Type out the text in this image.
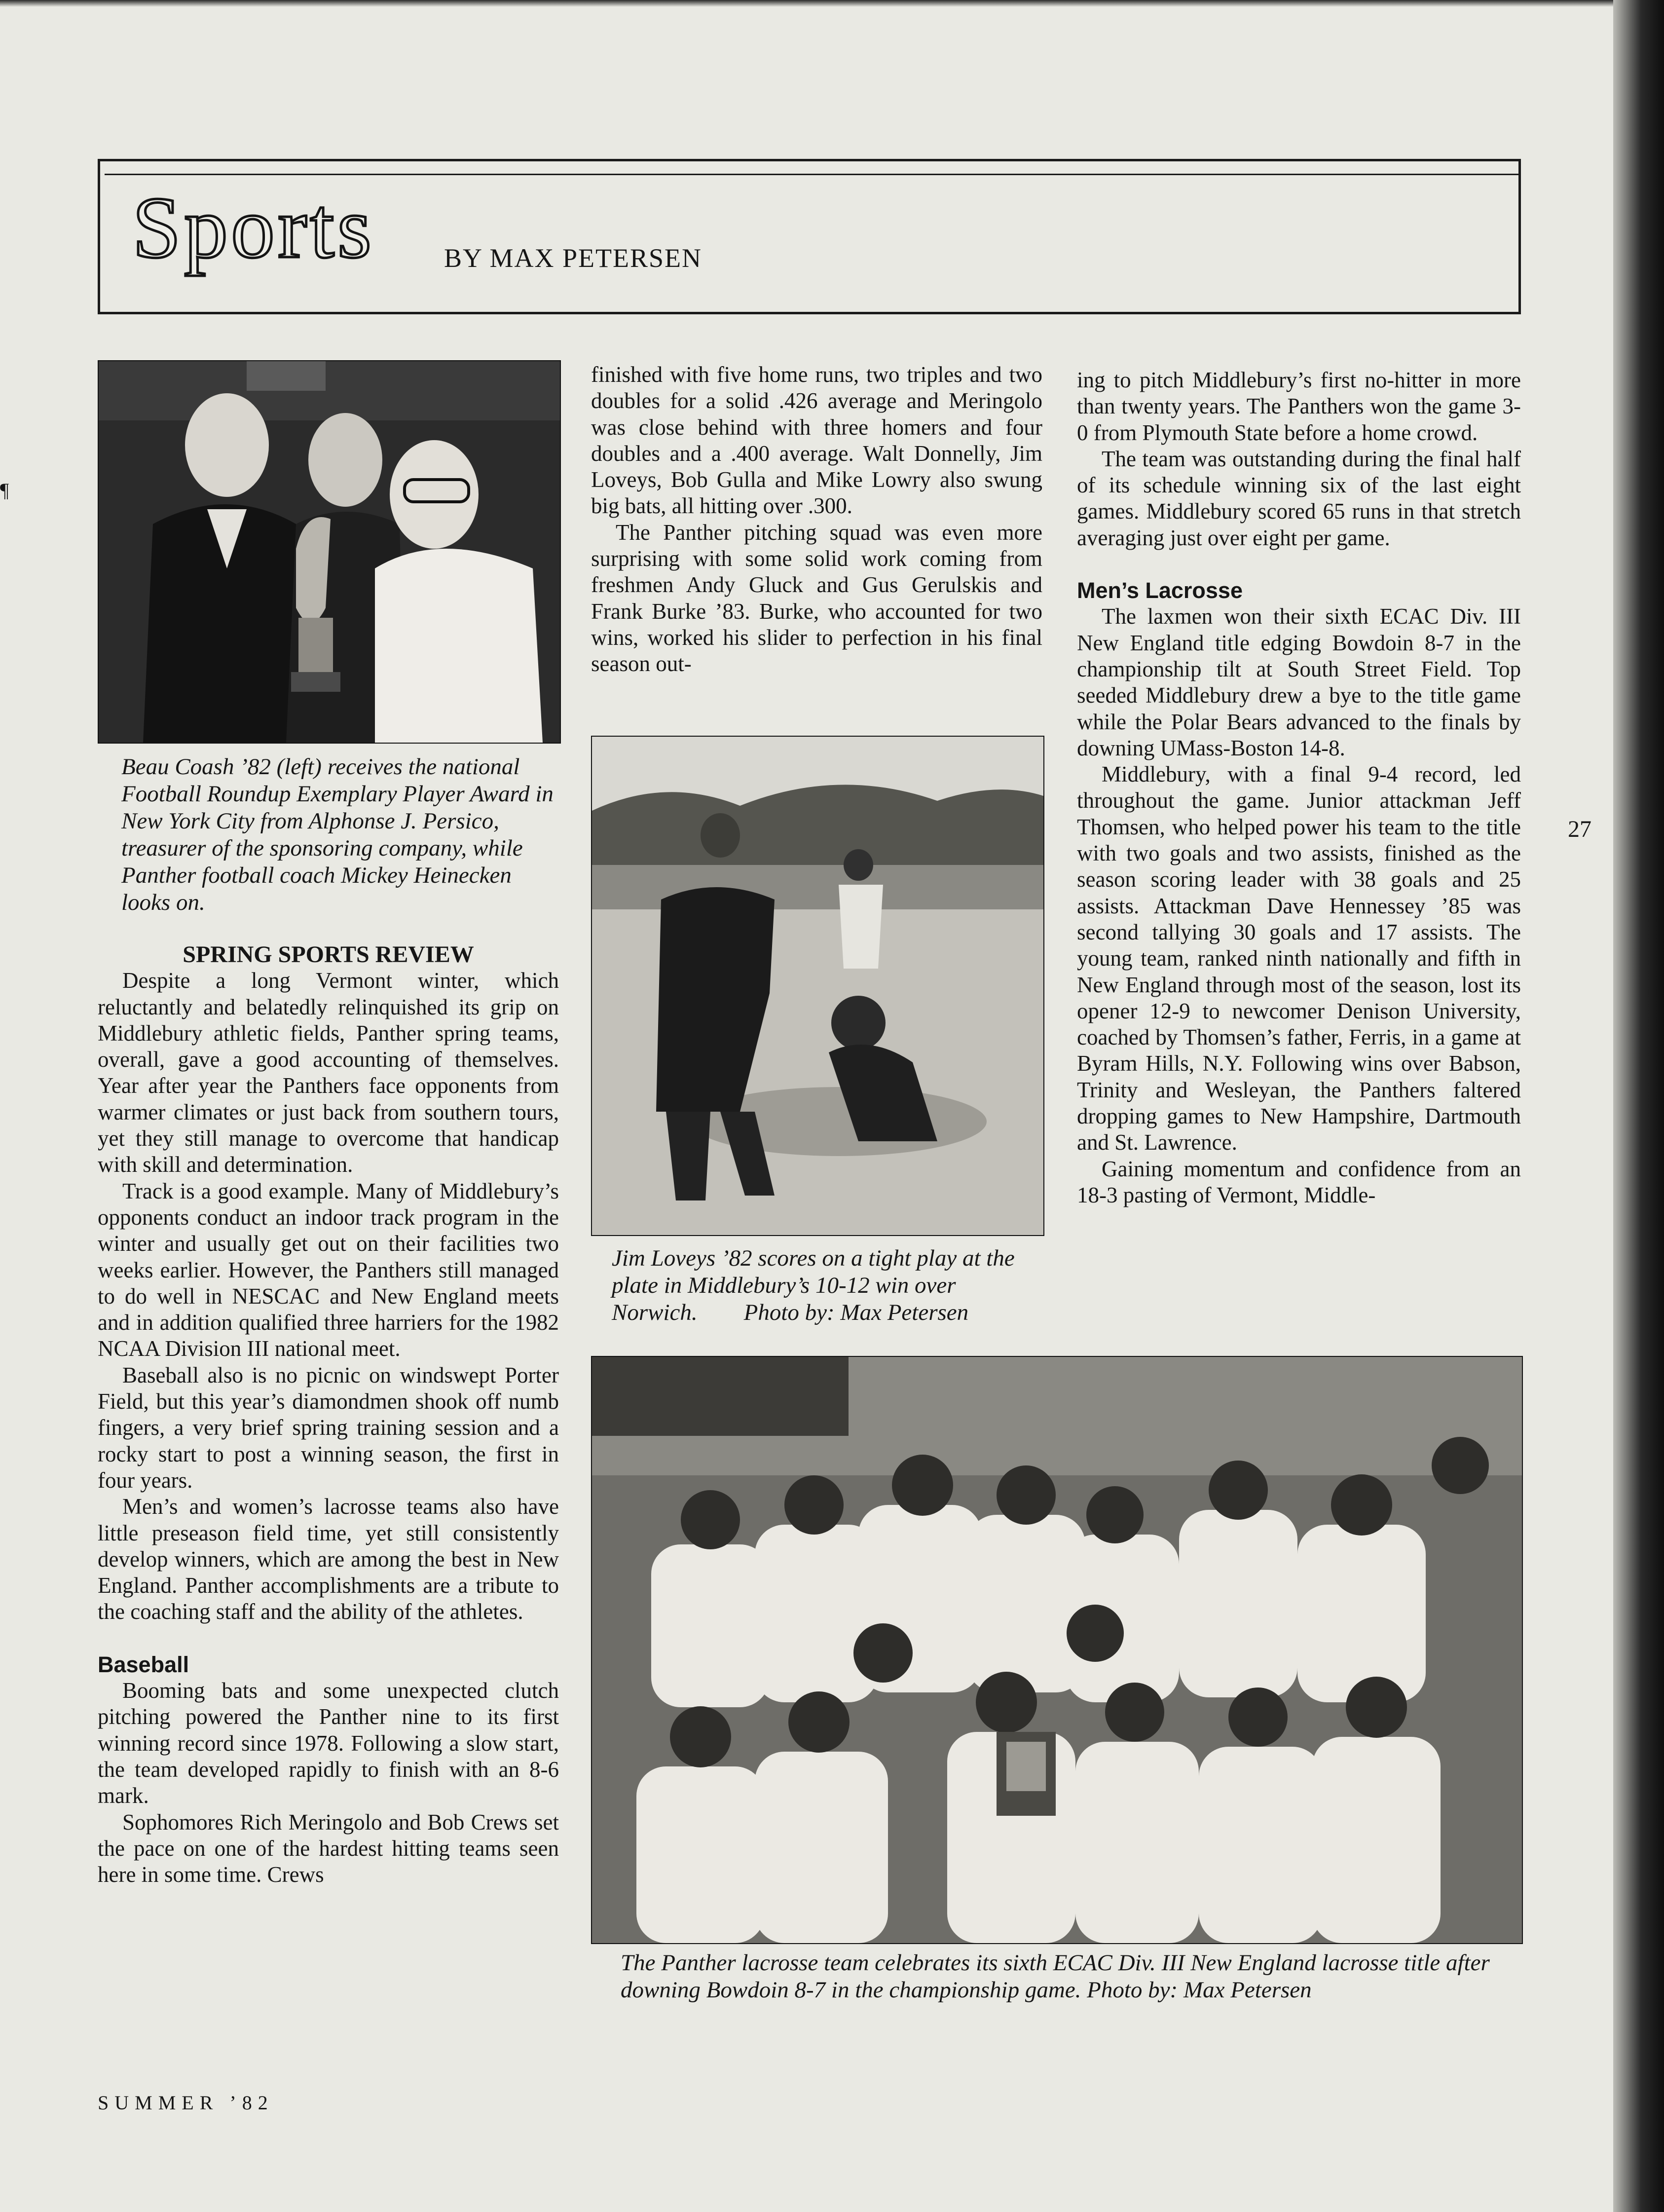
¶
Sports	BY MAX PETERSEN
Beau Coash ’82 (left) receives the national Football Roundup Exemplary Player Award in New York City from Alphonse J. Persico, treasurer of the sponsoring company, while Panther football coach Mickey Heinecken looks on.
Jim Loveys ’82 scores on a tight play at the plate in Middlebury’s 10-12 win over Norwich.        Photo by: Max Petersen
The Panther lacrosse team celebrates its sixth ECAC Div. III New England lacrosse title after downing Bowdoin 8-7 in the championship game. Photo by: Max Petersen
SPRING SPORTS REVIEW

Despite a long Vermont winter, which reluctantly and belatedly relinquished its grip on Middlebury athletic fields, Panther spring teams, overall, gave a good accounting of themselves. Year after year the Panthers face opponents from warmer climates or just back from southern tours, yet they still manage to overcome that handicap with skill and determination.

Track is a good example. Many of Middlebury’s opponents conduct an indoor track program in the winter and usually get out on their facilities two weeks earlier. However, the Panthers still managed to do well in NESCAC and New England meets and in addition qualified three harriers for the 1982 NCAA Division III national meet.

Baseball also is no picnic on windswept Porter Field, but this year’s diamondmen shook off numb fingers, a very brief spring training session and a rocky start to post a winning season, the first in four years.

Men’s and women’s lacrosse teams also have little preseason field time, yet still consistently develop winners, which are among the best in New England. Panther accomplishments are a tribute to the coaching staff and the ability of the athletes.

Baseball

Booming bats and some unexpected clutch pitching powered the Panther nine to its first winning record since 1978. Following a slow start, the team developed rapidly to finish with an 8-6 mark.

Sophomores Rich Meringolo and Bob Crews set the pace on one of the hardest hitting teams seen here in some time. Crews

finished with five home runs, two triples and two doubles for a solid .426 average and Meringolo was close behind with three homers and four doubles and a .400 average. Walt Donnelly, Jim Loveys, Bob Gulla and Mike Lowry also swung big bats, all hitting over .300.

The Panther pitching squad was even more surprising with some solid work coming from freshmen Andy Gluck and Gus Gerulskis and Frank Burke ’83. Burke, who accounted for two wins, worked his slider to perfection in his final season out-

ing to pitch Middlebury’s first no-hitter in more than twenty years. The Panthers won the game 3-0 from Plymouth State before a home crowd.

The team was outstanding during the final half of its schedule winning six of the last eight games. Middlebury scored 65 runs in that stretch averaging just over eight per game.

Men’s Lacrosse

The laxmen won their sixth ECAC Div. III New England title edging Bowdoin 8-7 in the championship tilt at South Street Field. Top seeded Middlebury drew a bye to the title game while the Polar Bears advanced to the finals by downing UMass-Boston 14-8.

Middlebury, with a final 9-4 record, led throughout the game. Junior attackman Jeff Thomsen, who helped power his team to the title with two goals and two assists, finished as the season scoring leader with 38 goals and 25 assists. Attackman Dave Hennessey ’85 was second tallying 30 goals and 17 assists. The young team, ranked ninth nationally and fifth in New England through most of the season, lost its opener 12-9 to newcomer Denison University, coached by Thomsen’s father, Ferris, in a game at Byram Hills, N.Y. Following wins over Babson, Trinity and Wesleyan, the Panthers faltered dropping games to New Hampshire, Dartmouth and St. Lawrence.

Gaining momentum and confidence from an 18-3 pasting of Vermont, Middle-

27
SUMMER ’82
